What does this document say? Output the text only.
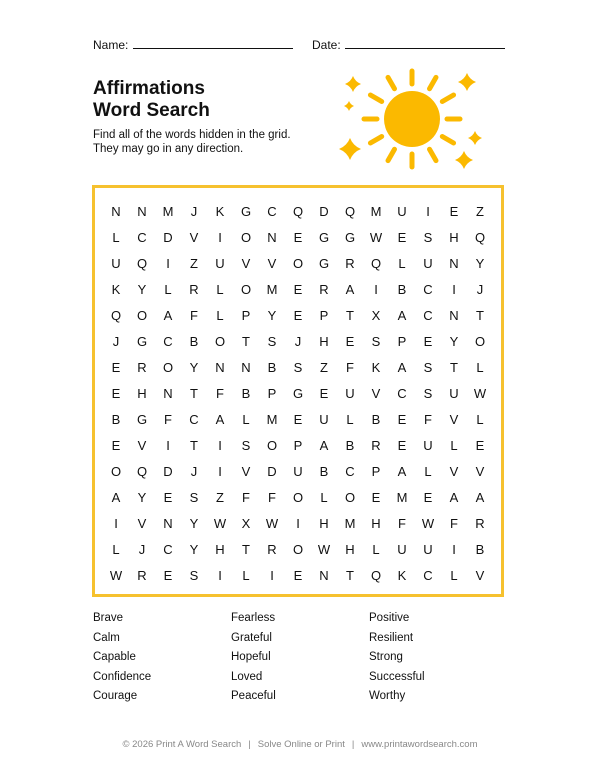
Name:	Date:
Affirmations
Word Search
Find all of the words hidden in the grid.
They may go in any direction.
N	N	M	J	K	G	C	Q	D	Q	M	U	I	E	Z
L	C	D	V	I	O	N	E	G	G	W	E	S	H	Q
U	Q	I	Z	U	V	V	O	G	R	Q	L	U	N	Y
K	Y	L	R	L	O	M	E	R	A	I	B	C	I	J
Q	O	A	F	L	P	Y	E	P	T	X	A	C	N	T
J	G	C	B	O	T	S	J	H	E	S	P	E	Y	O
E	R	O	Y	N	N	B	S	Z	F	K	A	S	T	L
E	H	N	T	F	B	P	G	E	U	V	C	S	U	W
B	G	F	C	A	L	M	E	U	L	B	E	F	V	L
E	V	I	T	I	S	O	P	A	B	R	E	U	L	E
O	Q	D	J	I	V	D	U	B	C	P	A	L	V	V
A	Y	E	S	Z	F	F	O	L	O	E	M	E	A	A
I	V	N	Y	W	X	W	I	H	M	H	F	W	F	R
L	J	C	Y	H	T	R	O	W	H	L	U	U	I	B
W	R	E	S	I	L	I	E	N	T	Q	K	C	L	V
Brave
Calm
Capable
Confidence
Courage
Fearless
Grateful
Hopeful
Loved
Peaceful
Positive
Resilient
Strong
Successful
Worthy
© 2026 Print A Word Search | Solve Online or Print | www.printawordsearch.com
